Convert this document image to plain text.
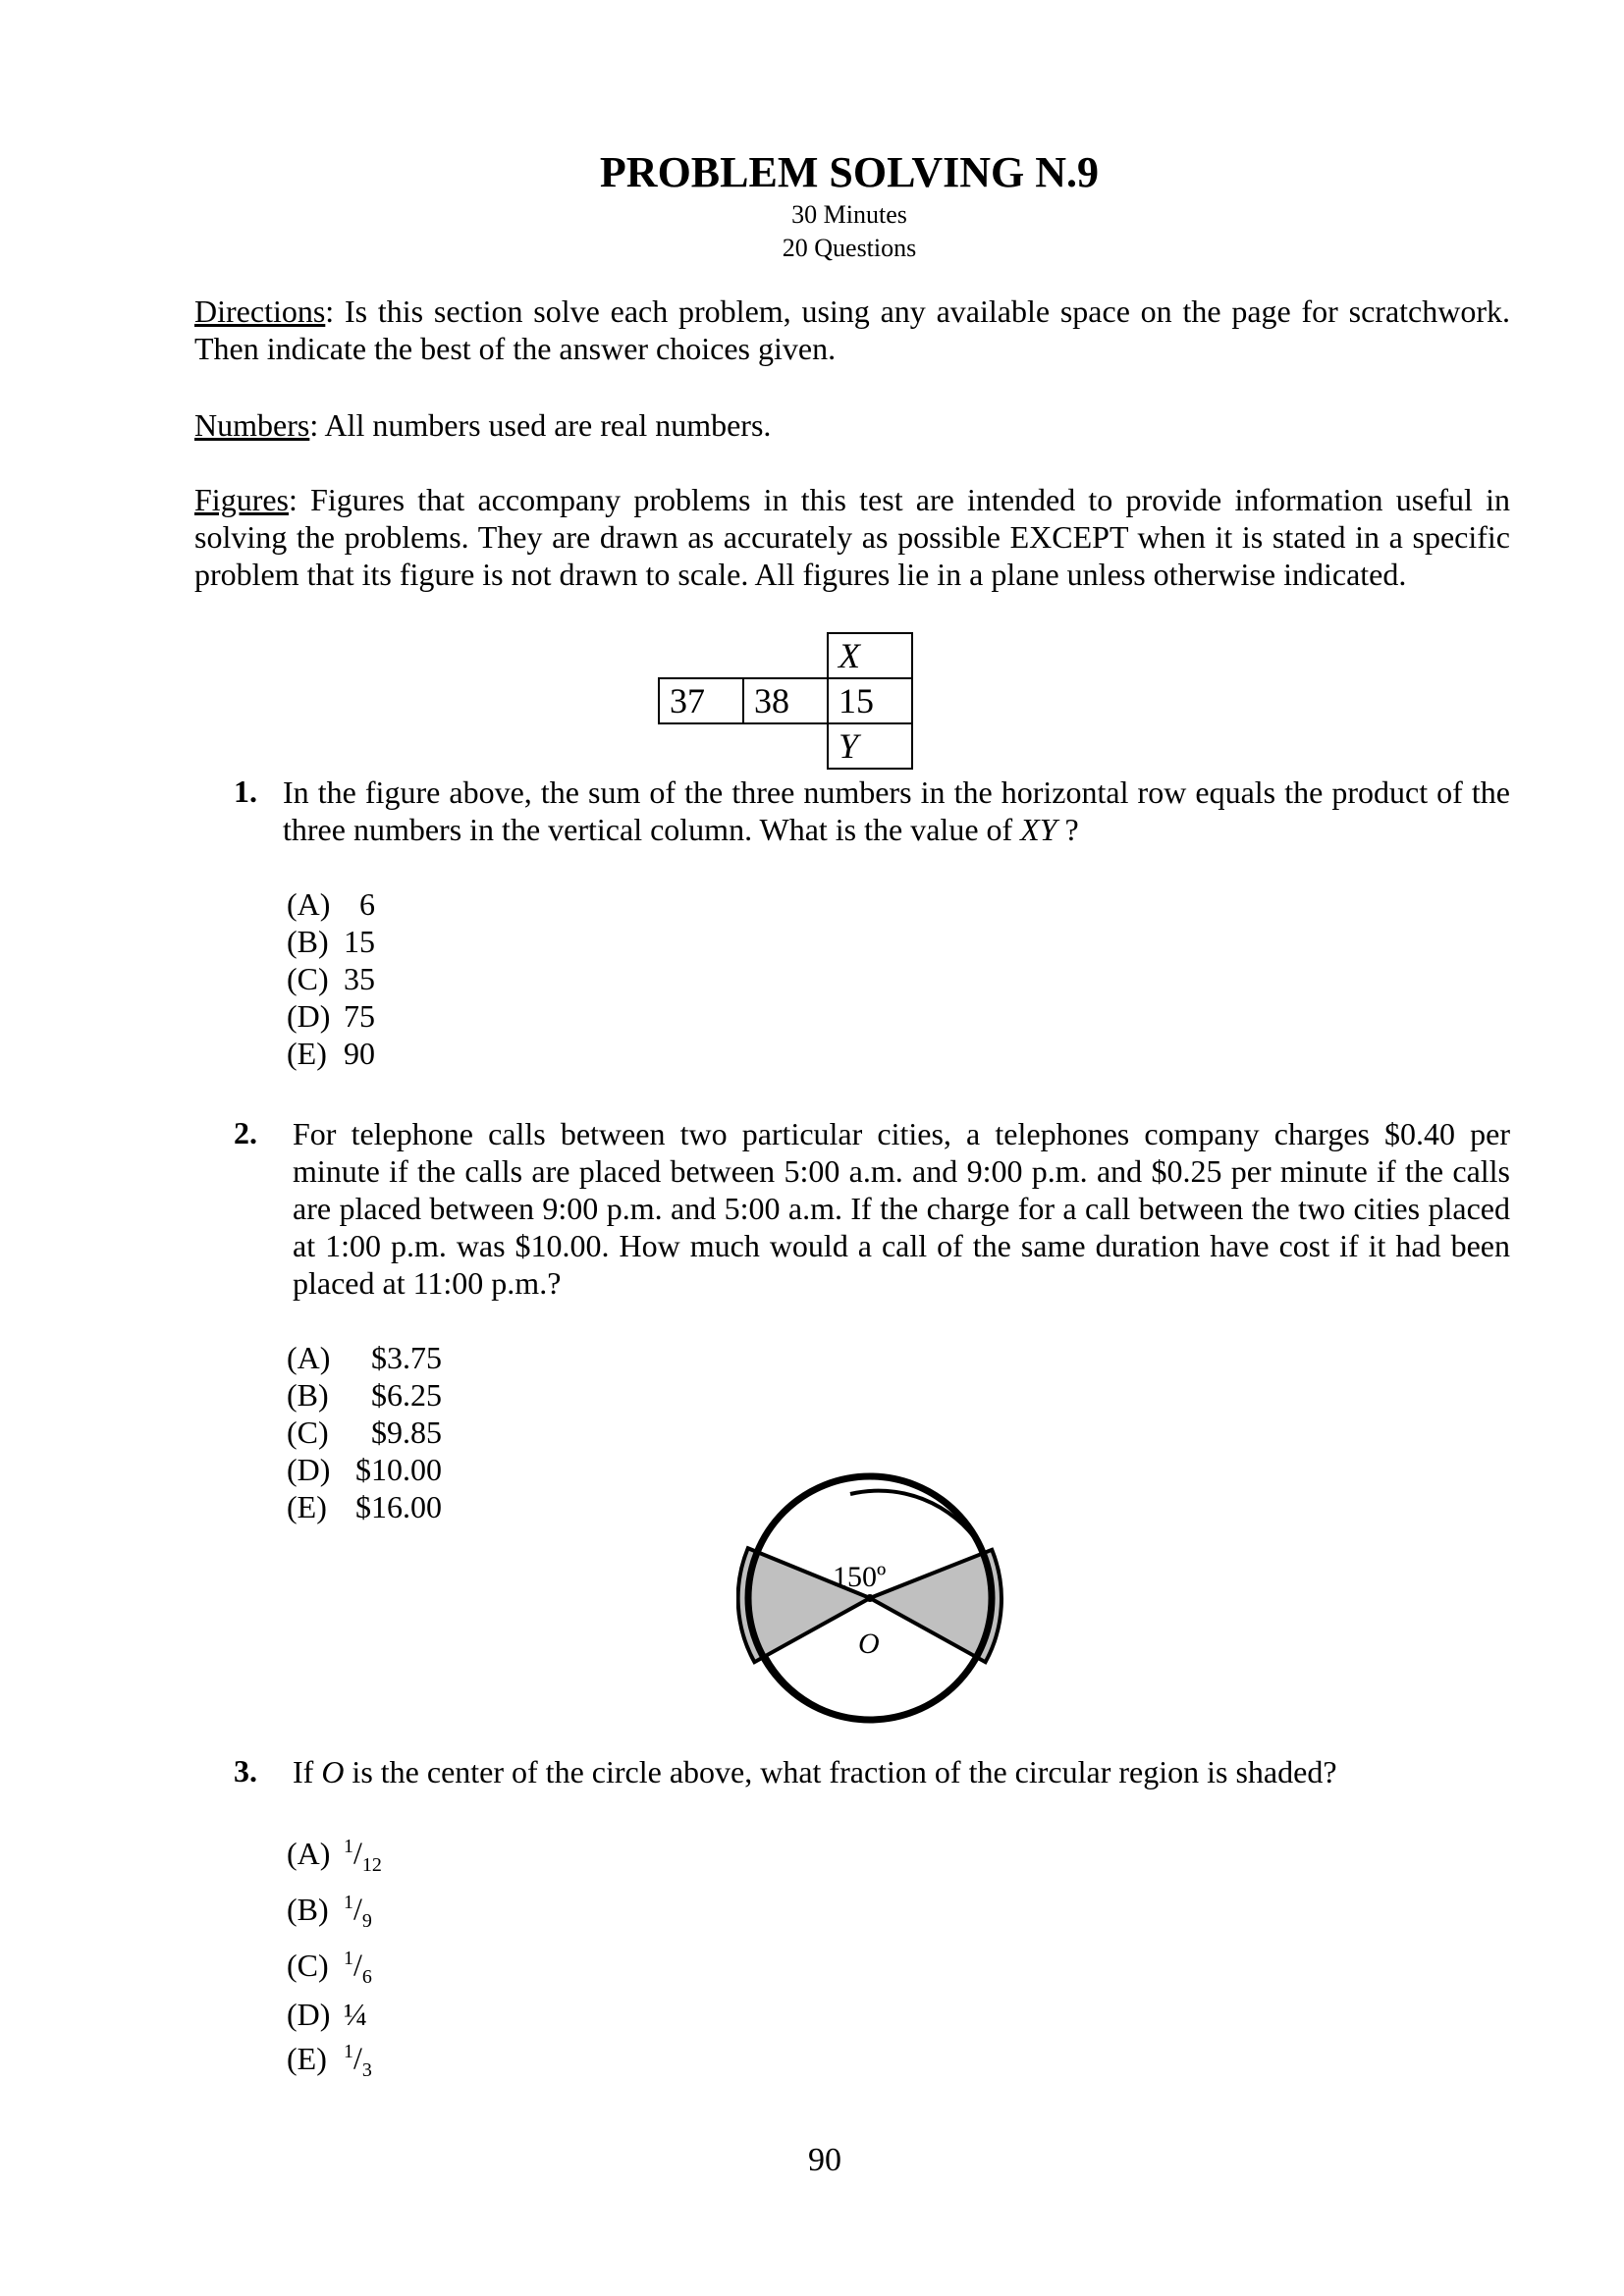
PROBLEM SOLVING N.9
30 Minutes
20 Questions
Directions: Is this section solve each problem, using any available space on the page for scratchwork. Then indicate the best of the answer choices given.
Numbers: All numbers used are real numbers.
Figures: Figures that accompany problems in this test are intended to provide information useful in solving the problems. They are drawn as accurately as possible EXCEPT when it is stated in a specific problem that its figure is not drawn to scale. All figures lie in a plane unless otherwise indicated.
		X
37	38	15
		Y
1. In the figure above, the sum of the three numbers in the horizontal row equals the product of the three numbers in the vertical column. What is the value of XY ?
(A) 6
(B) 15
(C) 35
(D) 75
(E) 90
2. For telephone calls between two particular cities, a telephones company charges $0.40 per minute if the calls are placed between 5:00 a.m. and 9:00 p.m. and $0.25 per minute if the calls are placed between 9:00 p.m. and 5:00 a.m. If the charge for a call between the two cities placed at 1:00 p.m. was $10.00. How much would a call of the same duration have cost if it had been placed at 11:00 p.m.?
(A) $3.75
(B) $6.25
(C) $9.85
(D) $10.00
(E) $16.00
150º
O
3. If O is the center of the circle above, what fraction of the circular region is shaded?
(A) $^1/_{12}$
(B) $^1/_9$
(C) $^1/_6$
(D) ¼
(E) $^1/_3$
90
